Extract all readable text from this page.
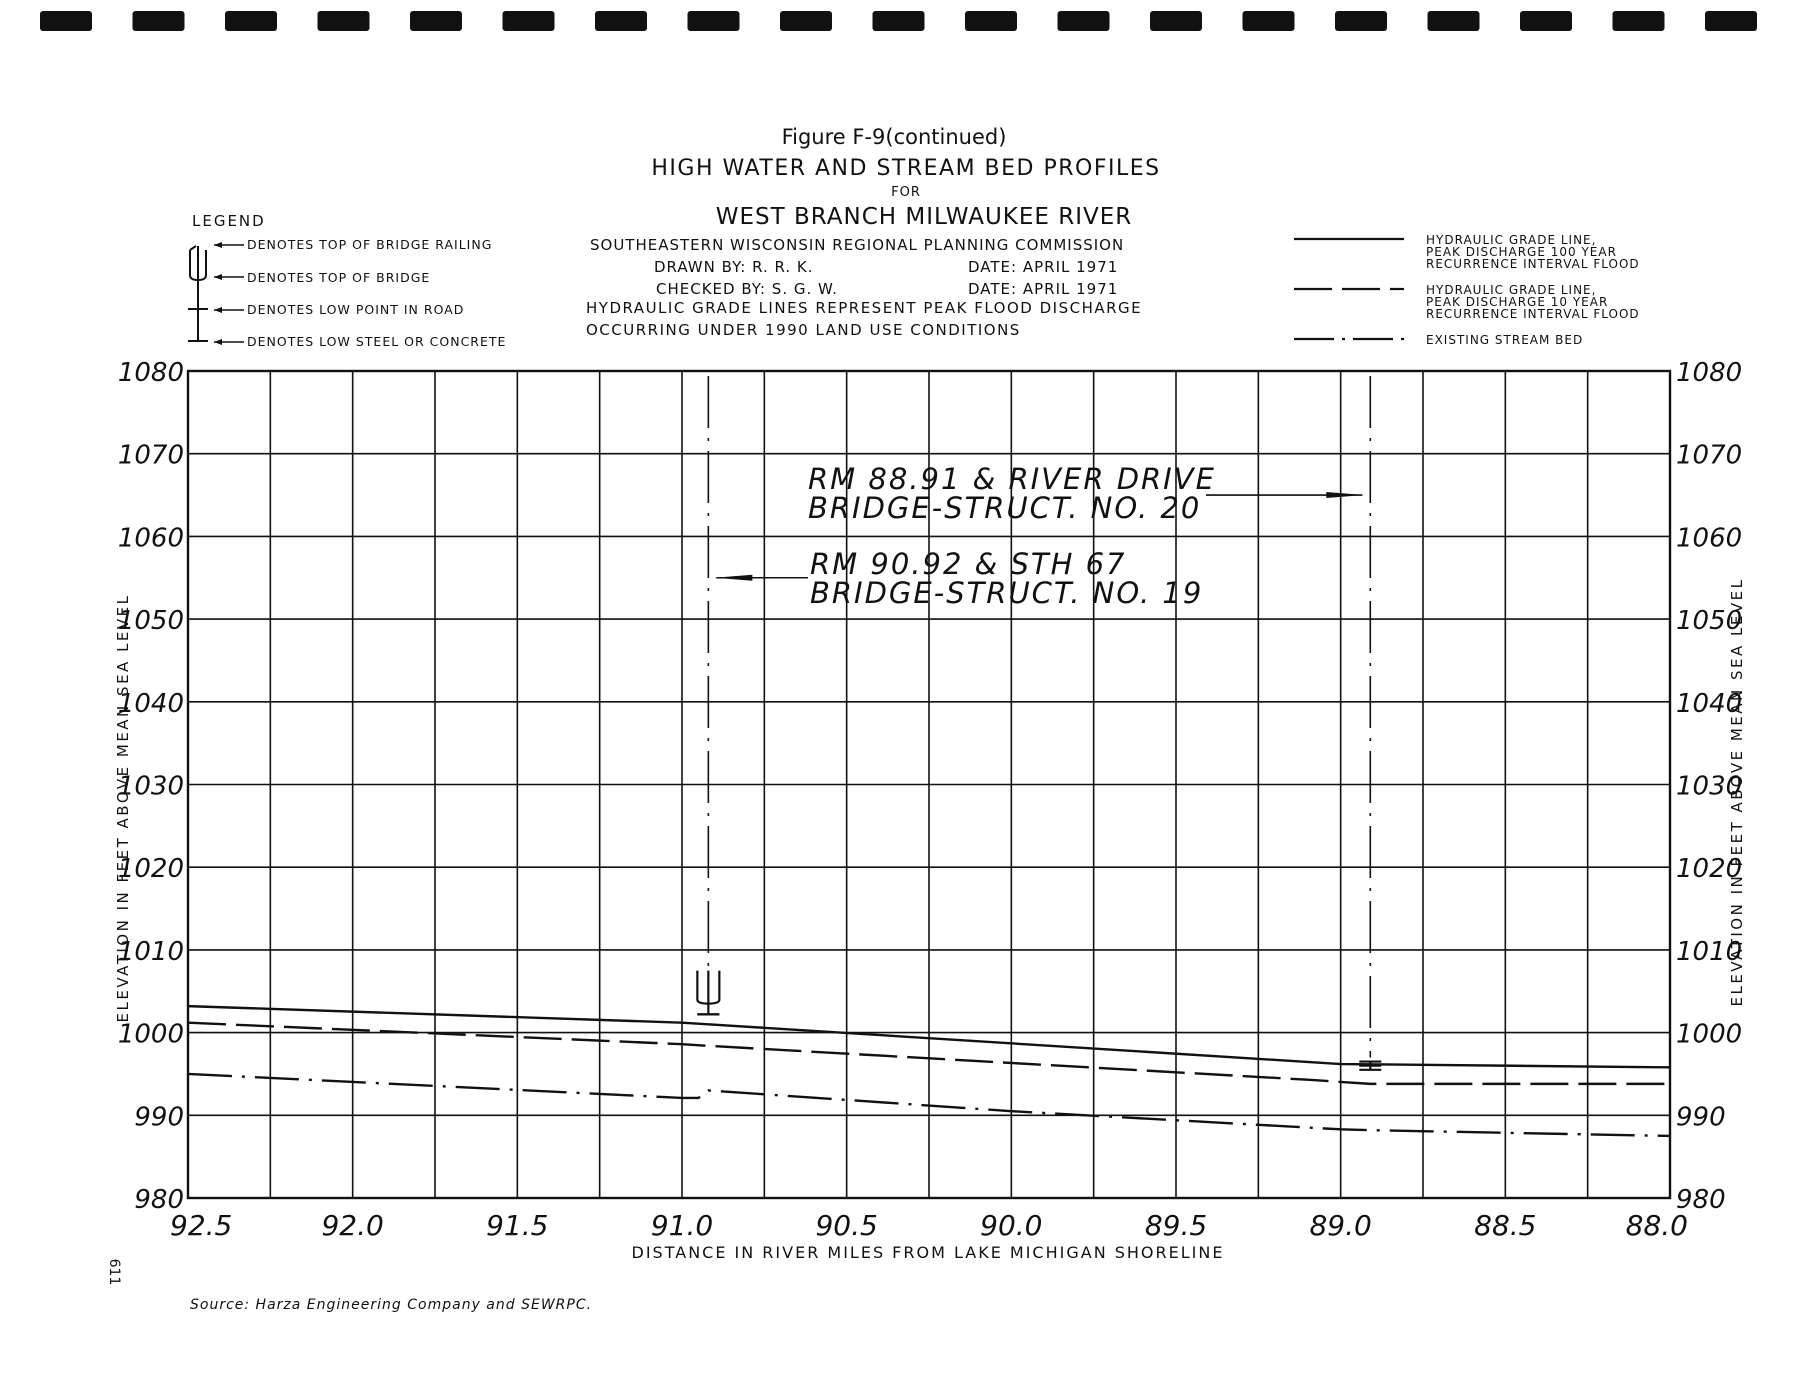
Figure F-9(continued)
HIGH WATER AND STREAM BED PROFILES
FOR
WEST BRANCH MILWAUKEE RIVER
SOUTHEASTERN WISCONSIN REGIONAL PLANNING COMMISSION
DRAWN BY: R. R. K.	DATE: APRIL 1971
CHECKED BY: S. G. W.	DATE: APRIL 1971
HYDRAULIC GRADE LINES REPRESENT PEAK FLOOD DISCHARGE
OCCURRING UNDER 1990 LAND USE CONDITIONS
LEGEND
DENOTES TOP OF BRIDGE RAILING
DENOTES TOP OF BRIDGE
DENOTES LOW POINT IN ROAD
DENOTES LOW STEEL OR CONCRETE
HYDRAULIC GRADE LINE,
PEAK DISCHARGE 100 YEAR
RECURRENCE INTERVAL FLOOD
HYDRAULIC GRADE LINE,
PEAK DISCHARGE 10 YEAR
RECURRENCE INTERVAL FLOOD
EXISTING STREAM BED
980	980
990	990
1000	1000
1010	1010
1020	1020
1030	1030
1040	1040
1050	1050
1060	1060
1070	1070
1080	1080
92.5	92.0	91.5	91.0	90.5	90.0	89.5	89.0	88.5	88.0
RM 88.91 & RIVER DRIVE
BRIDGE-STRUCT. NO. 20
RM 90.92 & STH 67
BRIDGE-STRUCT. NO. 19
ELEVATION IN FEET ABOVE MEAN SEA LEVEL	ELEVATION IN FEET ABOVE MEAN SEA LEVEL
DISTANCE IN RIVER MILES FROM LAKE MICHIGAN SHORELINE
611
Source: Harza Engineering Company and SEWRPC.
